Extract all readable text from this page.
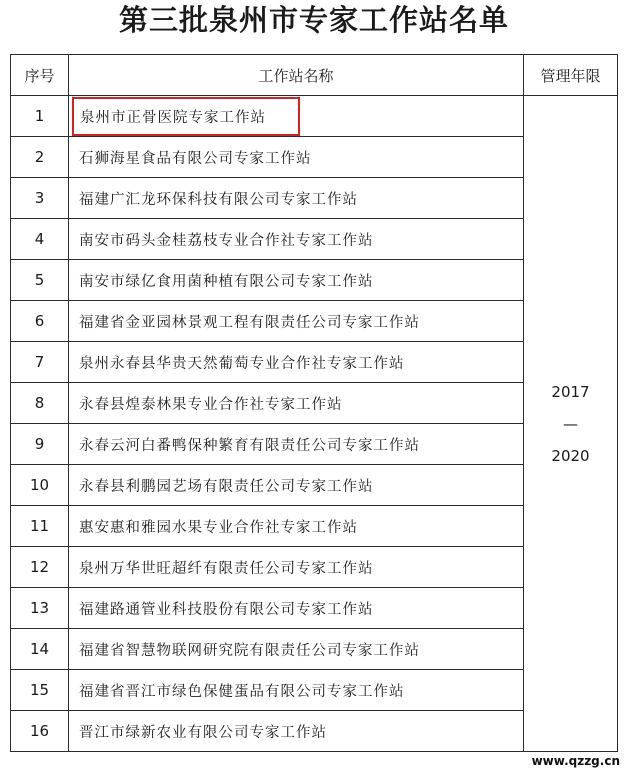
第三批泉州市专家工作站名单
序号	工作站名称	管理年限
1	泉州市正骨医院专家工作站	2017
—
2020

2	石狮海星食品有限公司专家工作站	
3	福建广汇龙环保科技有限公司专家工作站	
4	南安市码头金桂荔枝专业合作社专家工作站	
5	南安市绿亿食用菌种植有限公司专家工作站	
6	福建省金亚园林景观工程有限责任公司专家工作站	
7	泉州永春县华贵天然葡萄专业合作社专家工作站	
8	永春县煌泰林果专业合作社专家工作站	
9	永春云河白番鸭保种繁育有限责任公司专家工作站	
10	永春县利鹏园艺场有限责任公司专家工作站	
11	惠安惠和雅园水果专业合作社专家工作站	
12	泉州万华世旺超纤有限责任公司专家工作站	
13	福建路通管业科技股份有限公司专家工作站	
14	福建省智慧物联网研究院有限责任公司专家工作站	
15	福建省晋江市绿色保健蛋品有限公司专家工作站	
16	晋江市绿新农业有限公司专家工作站	
www.qzzg.cn
